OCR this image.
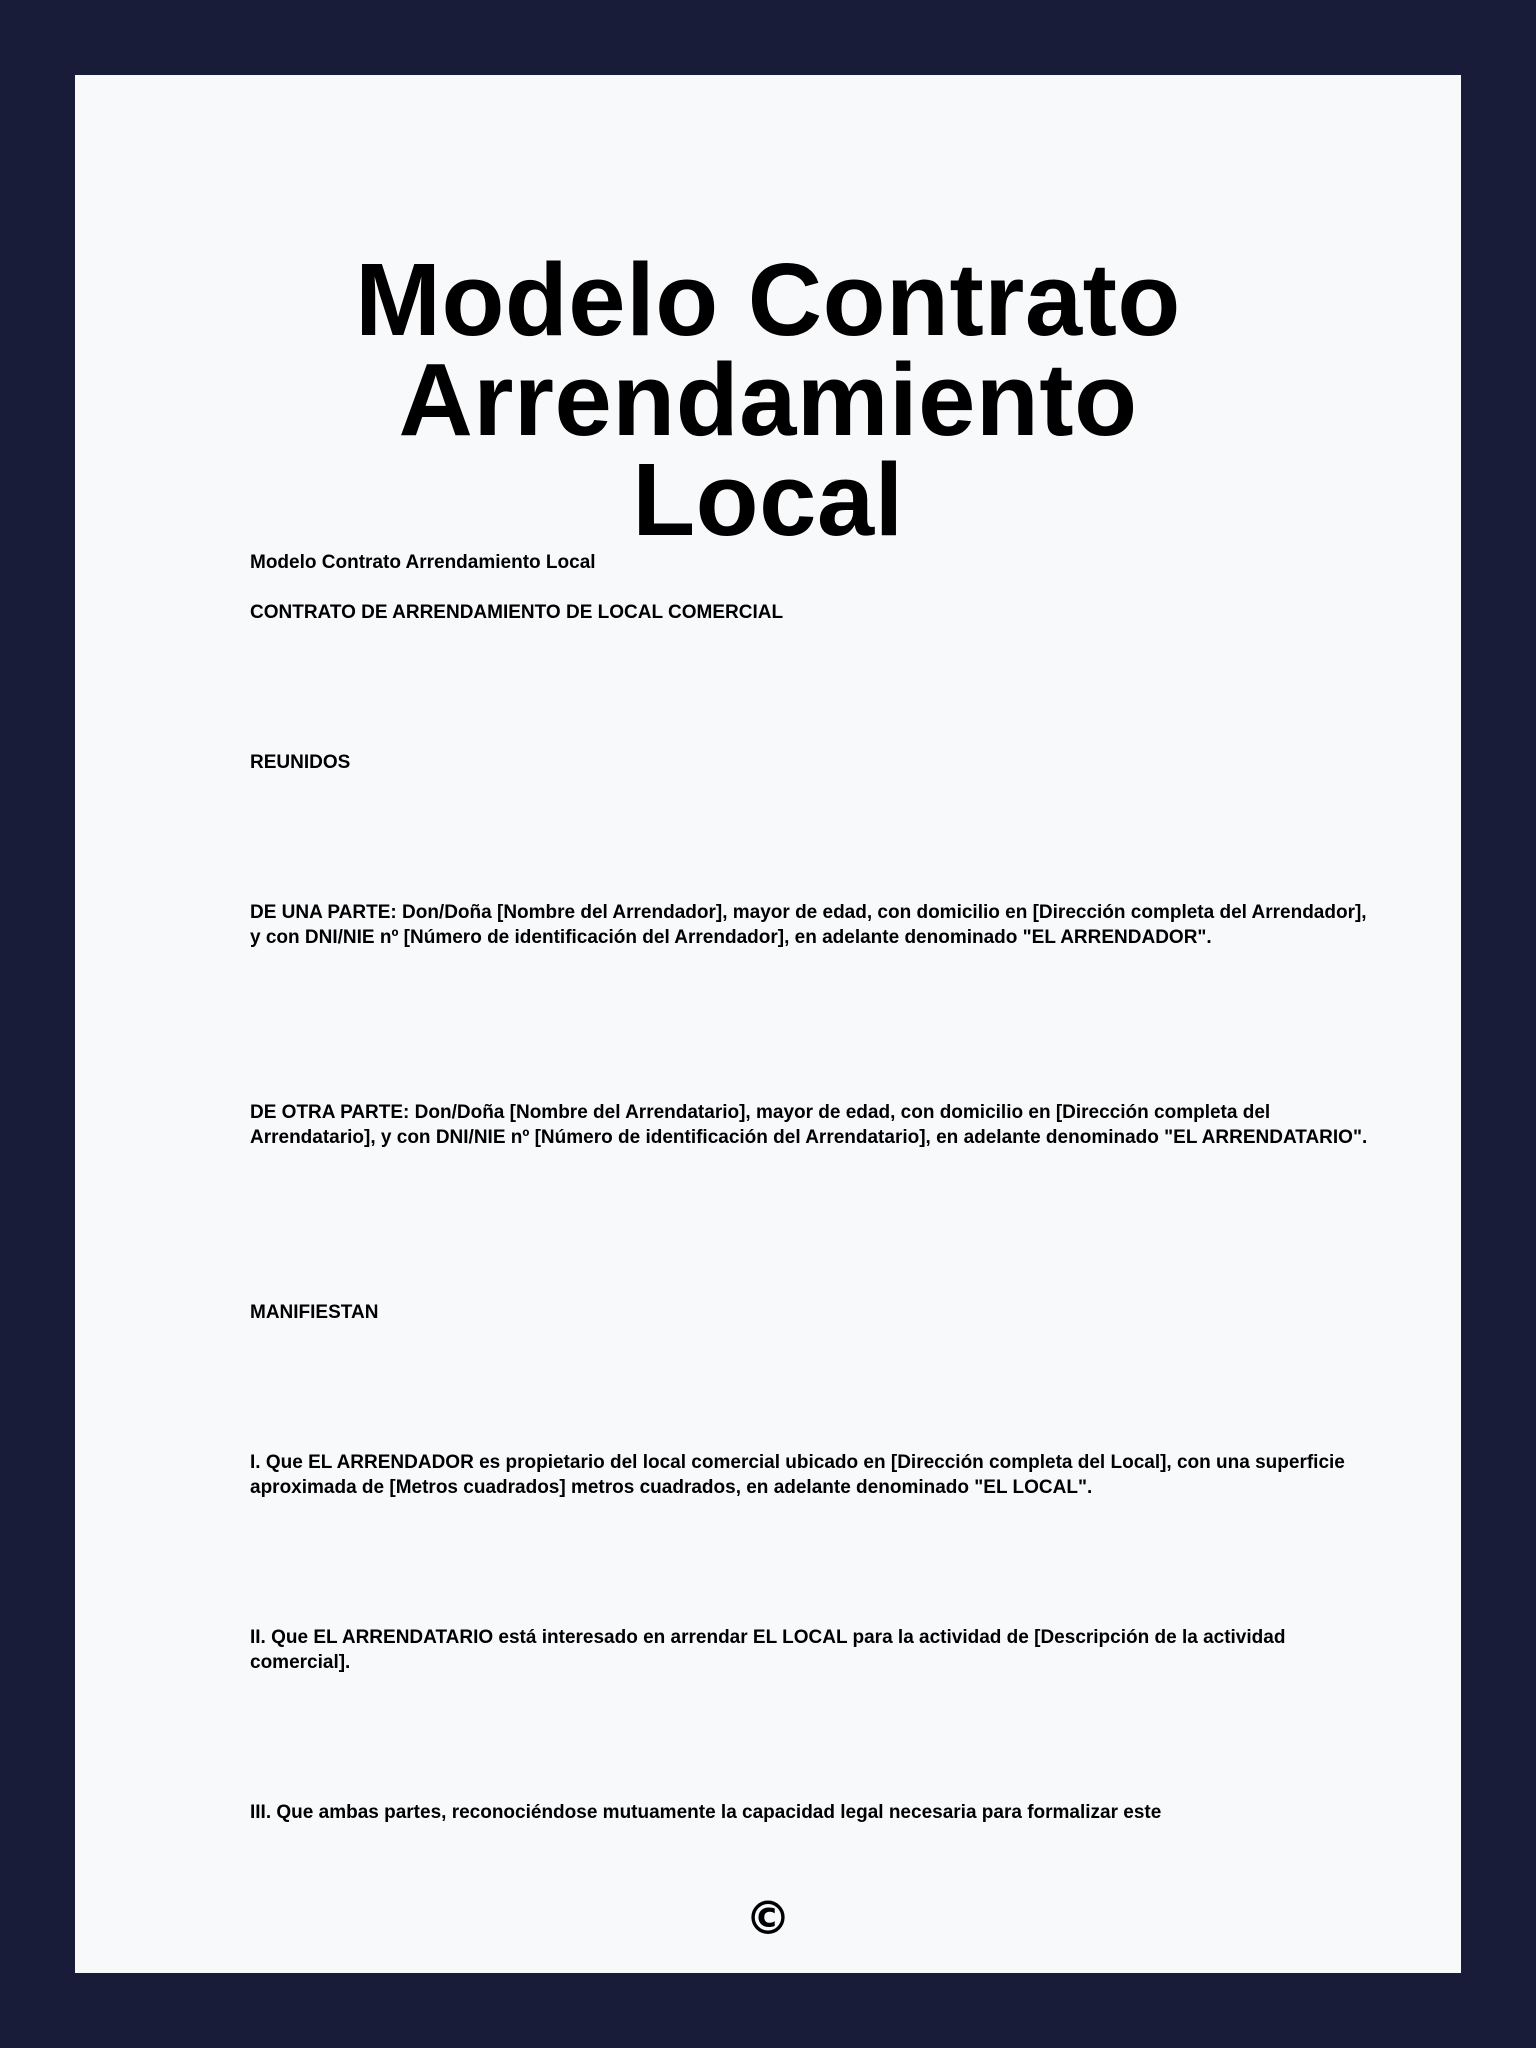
Modelo Contrato Arrendamiento Local

Modelo Contrato Arrendamiento Local

CONTRATO DE ARRENDAMIENTO DE LOCAL COMERCIAL

REUNIDOS

DE UNA PARTE: Don/Doña [Nombre del Arrendador], mayor de edad, con domicilio en [Dirección completa del Arrendador], y con DNI/NIE nº [Número de identificación del Arrendador], en adelante denominado "EL ARRENDADOR".

DE OTRA PARTE: Don/Doña [Nombre del Arrendatario], mayor de edad, con domicilio en [Dirección completa del Arrendatario], y con DNI/NIE nº [Número de identificación del Arrendatario], en adelante denominado "EL ARRENDATARIO".

MANIFIESTAN

I. Que EL ARRENDADOR es propietario del local comercial ubicado en [Dirección completa del Local], con una superficie aproximada de [Metros cuadrados] metros cuadrados, en adelante denominado "EL LOCAL".

II. Que EL ARRENDATARIO está interesado en arrendar EL LOCAL para la actividad de [Descripción de la actividad comercial].

III. Que ambas partes, reconociéndose mutuamente la capacidad legal necesaria para formalizar este

©
